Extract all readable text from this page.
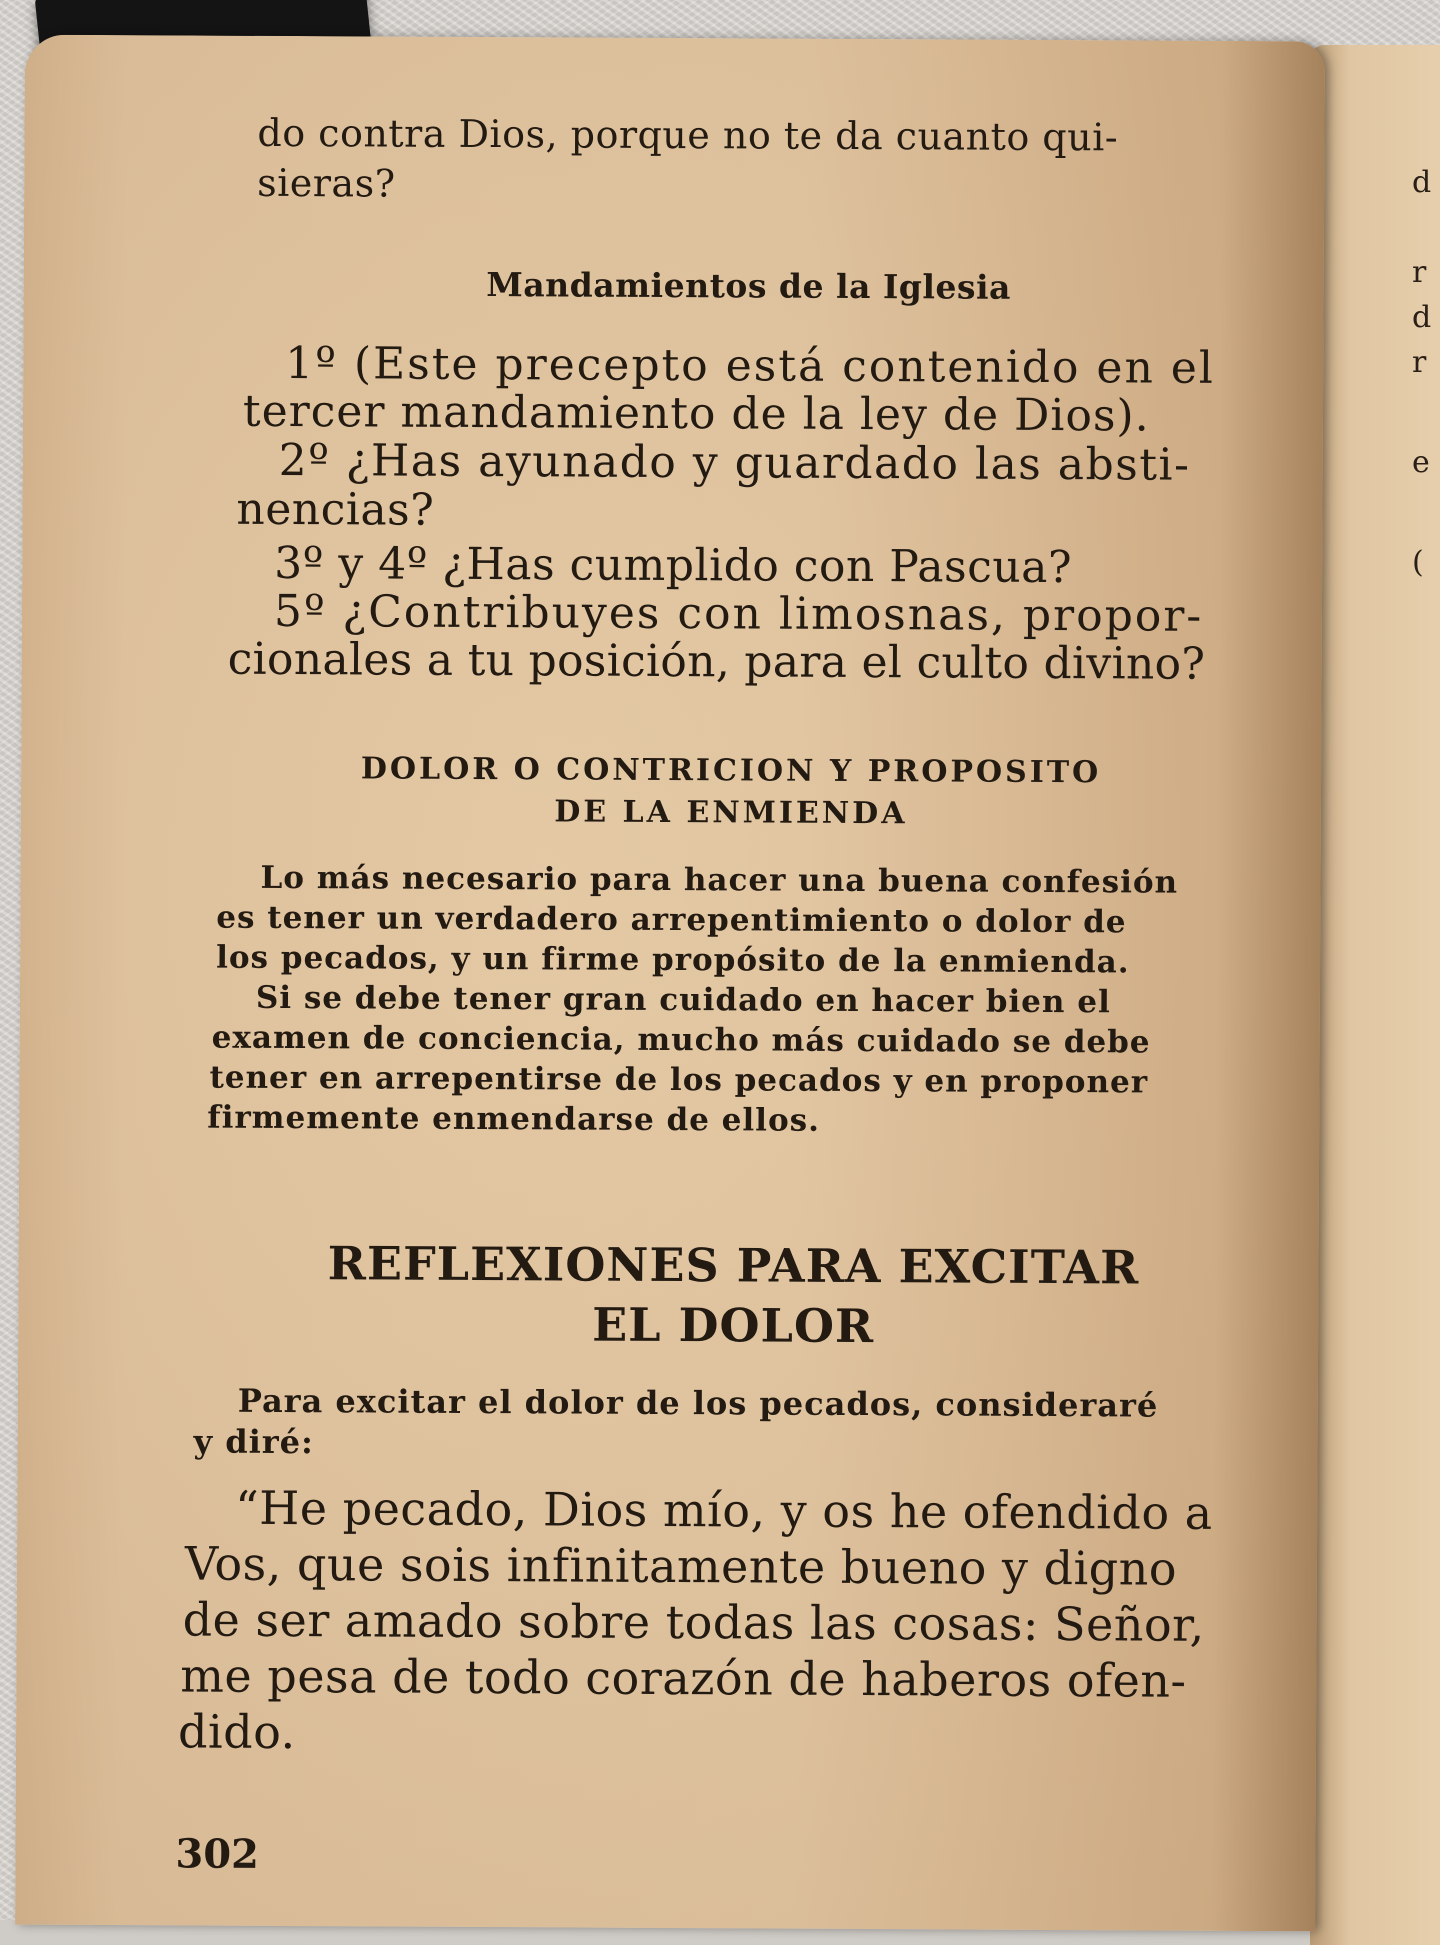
d
r
d
r
e
(
do contra Dios, porque no te da cuanto qui-
sieras?
Mandamientos de la Iglesia
1º (Este precepto está contenido en el
tercer mandamiento de la ley de Dios).
2º ¿Has ayunado y guardado las absti-
nencias?
3º y 4º ¿Has cumplido con Pascua?
5º ¿Contribuyes con limosnas, propor-
cionales a tu posición, para el culto divino?
DOLOR O CONTRICION Y PROPOSITO
DE LA ENMIENDA
Lo más necesario para hacer una buena confesión
es tener un verdadero arrepentimiento o dolor de
los pecados, y un firme propósito de la enmienda.
Si se debe tener gran cuidado en hacer bien el
examen de conciencia, mucho más cuidado se debe
tener en arrepentirse de los pecados y en proponer
firmemente enmendarse de ellos.
REFLEXIONES PARA EXCITAR
EL DOLOR
Para excitar el dolor de los pecados, consideraré
y diré:
“He pecado, Dios mío, y os he ofendido a
Vos, que sois infinitamente bueno y digno
de ser amado sobre todas las cosas: Señor,
me pesa de todo corazón de haberos ofen-
dido.
302
